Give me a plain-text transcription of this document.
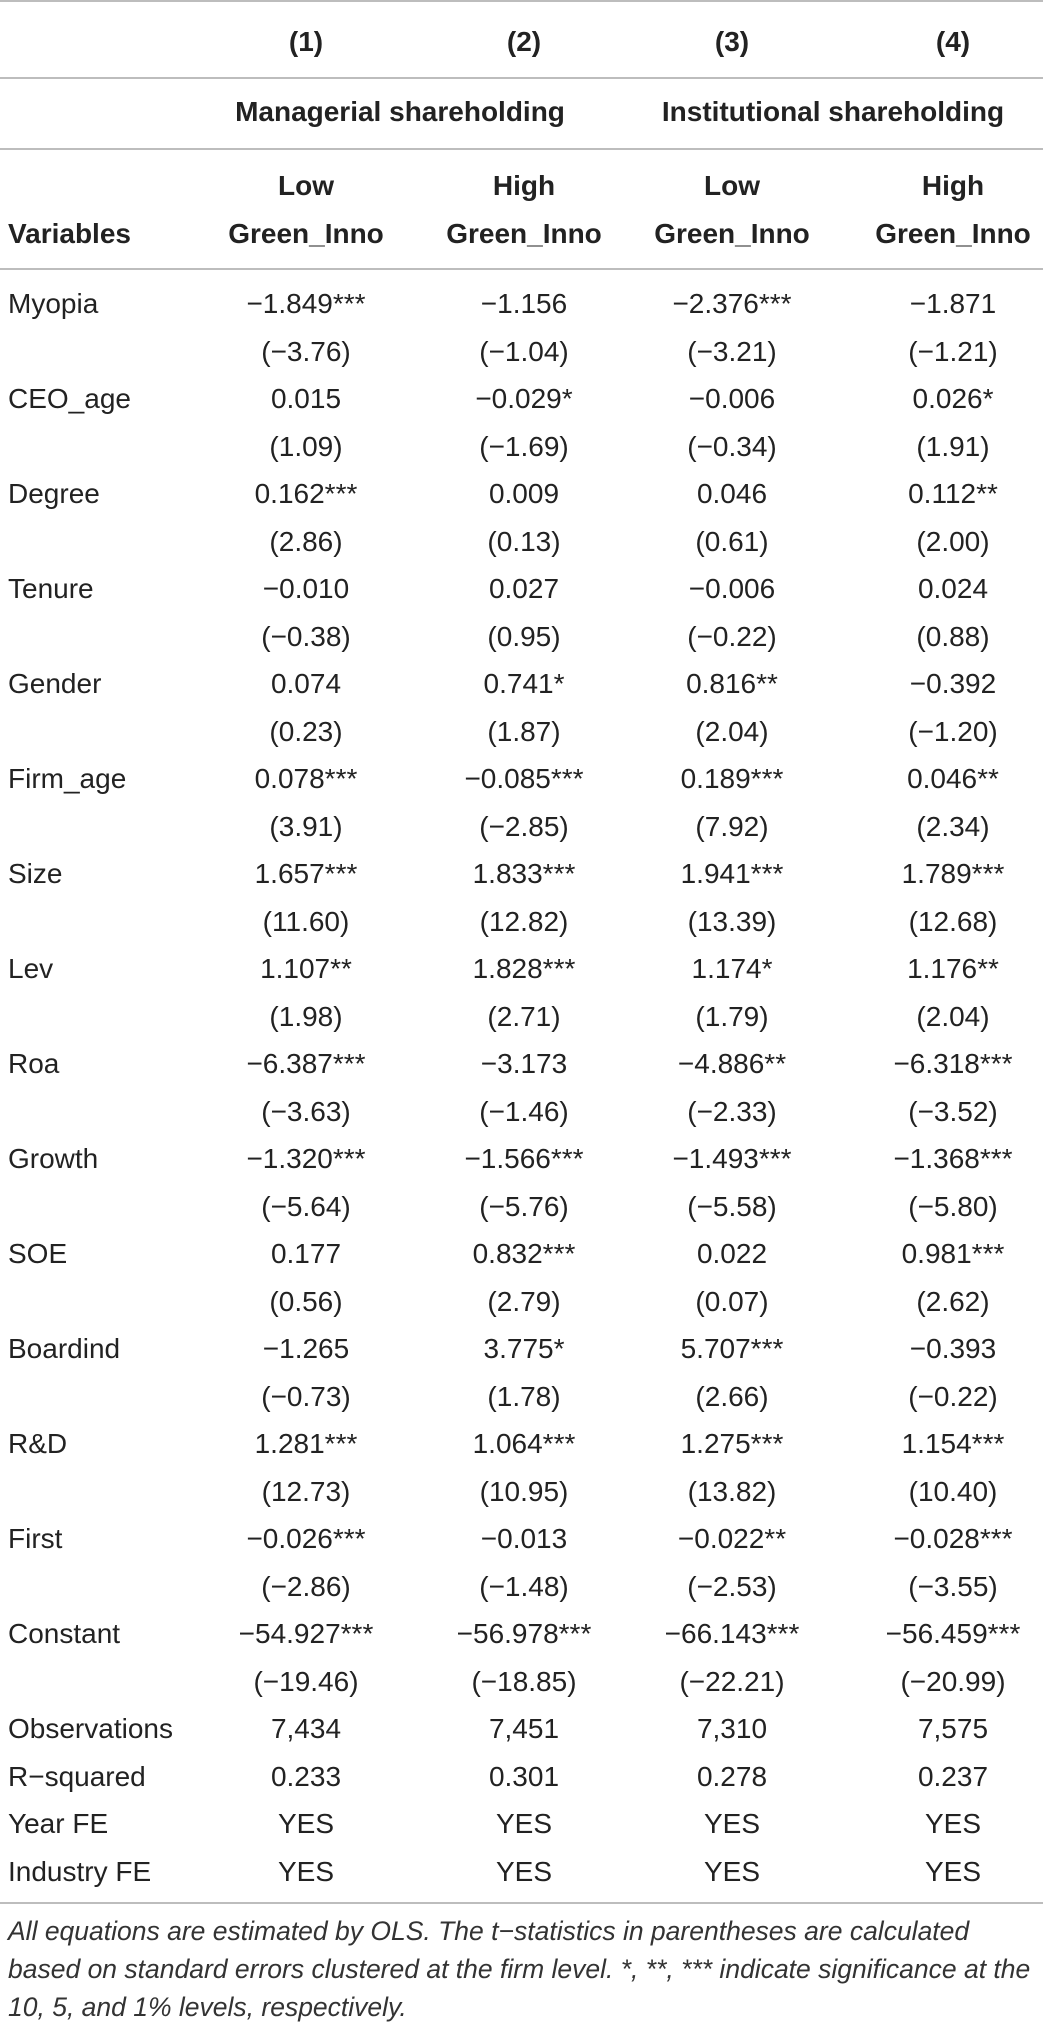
(1)	(2)	(3)	(4)
Managerial shareholding	Institutional shareholding
Low	High	Low	High
Variables	Green_Inno	Green_Inno	Green_Inno	Green_Inno
Myopia	−1.849***	−1.156	−2.376***	−1.871
(−3.76)	(−1.04)	(−3.21)	(−1.21)
CEO_age	0.015	−0.029*	−0.006	0.026*
(1.09)	(−1.69)	(−0.34)	(1.91)
Degree	0.162***	0.009	0.046	0.112**
(2.86)	(0.13)	(0.61)	(2.00)
Tenure	−0.010	0.027	−0.006	0.024
(−0.38)	(0.95)	(−0.22)	(0.88)
Gender	0.074	0.741*	0.816**	−0.392
(0.23)	(1.87)	(2.04)	(−1.20)
Firm_age	0.078***	−0.085***	0.189***	0.046**
(3.91)	(−2.85)	(7.92)	(2.34)
Size	1.657***	1.833***	1.941***	1.789***
(11.60)	(12.82)	(13.39)	(12.68)
Lev	1.107**	1.828***	1.174*	1.176**
(1.98)	(2.71)	(1.79)	(2.04)
Roa	−6.387***	−3.173	−4.886**	−6.318***
(−3.63)	(−1.46)	(−2.33)	(−3.52)
Growth	−1.320***	−1.566***	−1.493***	−1.368***
(−5.64)	(−5.76)	(−5.58)	(−5.80)
SOE	0.177	0.832***	0.022	0.981***
(0.56)	(2.79)	(0.07)	(2.62)
Boardind	−1.265	3.775*	5.707***	−0.393
(−0.73)	(1.78)	(2.66)	(−0.22)
R&D	1.281***	1.064***	1.275***	1.154***
(12.73)	(10.95)	(13.82)	(10.40)
First	−0.026***	−0.013	−0.022**	−0.028***
(−2.86)	(−1.48)	(−2.53)	(−3.55)
Constant	−54.927***	−56.978***	−66.143***	−56.459***
(−19.46)	(−18.85)	(−22.21)	(−20.99)
Observations	7,434	7,451	7,310	7,575
R−squared	0.233	0.301	0.278	0.237
Year FE	YES	YES	YES	YES
Industry FE	YES	YES	YES	YES
All equations are estimated by OLS. The t−statistics in parentheses are calculated based on standard errors clustered at the firm level. *, **, *** indicate significance at the 10, 5, and 1% levels, respectively.
